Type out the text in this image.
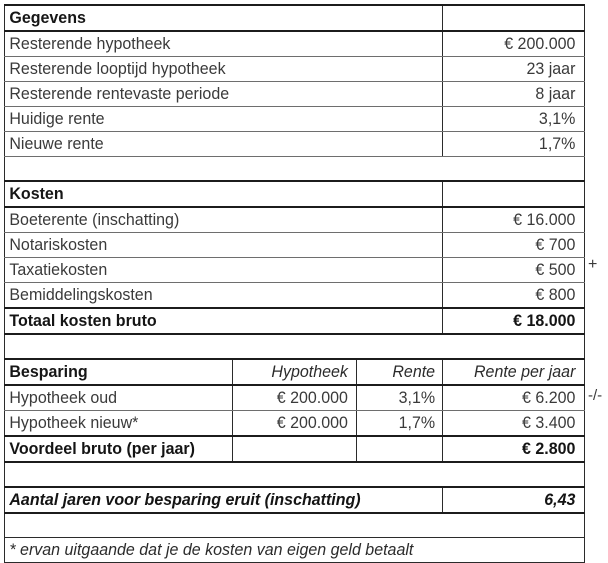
Gegevens			
Resterende hypotheek			€ 200.000
Resterende looptijd hypotheek			23 jaar
Resterende rentevaste periode			8 jaar
Huidige rente			3,1%
Nieuwe rente			1,7%

Kosten			
Boeterente (inschatting)			€ 16.000
Notariskosten			€ 700
Taxatiekosten			€ 500
Bemiddelingskosten			€ 800
Totaal kosten bruto			€ 18.000

Besparing	Hypotheek	Rente	Rente per jaar
Hypotheek oud	€ 200.000	3,1%	€ 6.200
Hypotheek nieuw*	€ 200.000	1,7%	€ 3.400
Voordeel bruto (per jaar)			€ 2.800

Aantal jaren voor besparing eruit (inschatting)			6,43

* ervan uitgaande dat je de kosten van eigen geld betaalt			
+
-/-
